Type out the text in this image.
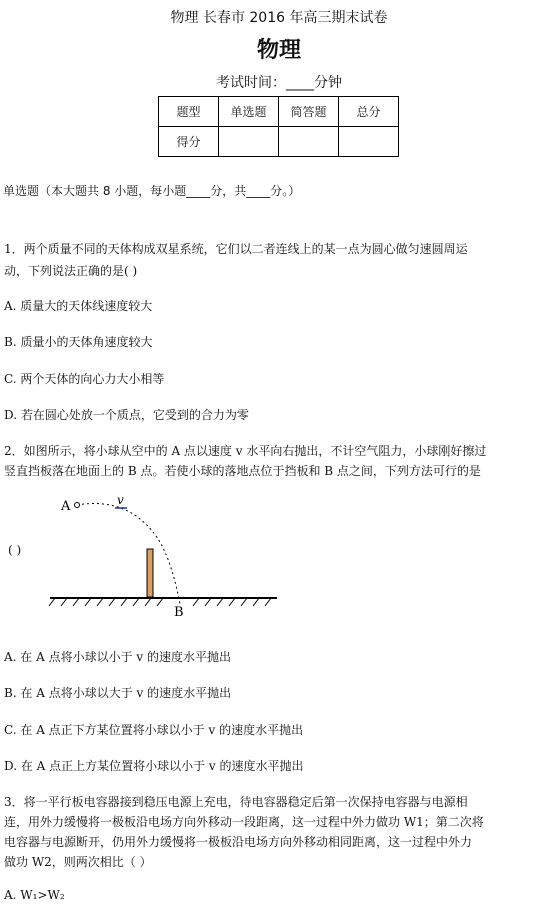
物理 长春市 2016 年高三期末试卷
物理
考试时间：____分钟
题型	单选题	简答题	总分
得分			
单选题（本大题共 8 小题，每小题____分，共____分。）
1．两个质量不同的天体构成双星系统，它们以二者连线上的某一点为圆心做匀速圆周运
动，下列说法正确的是( )
A. 质量大的天体线速度较大
B. 质量小的天体角速度较大
C. 两个天体的向心力大小相等
D. 若在圆心处放一个质点，它受到的合力为零
2．如图所示，将小球从空中的 A 点以速度 v 水平向右抛出，不计空气阻力，小球刚好擦过
竖直挡板落在地面上的 B 点。若使小球的落地点位于挡板和 B 点之间，下列方法可行的是
A	v
B
( )
A. 在 A 点将小球以小于 v 的速度水平抛出
B. 在 A 点将小球以大于 v 的速度水平抛出
C. 在 A 点正下方某位置将小球以小于 v 的速度水平抛出
D. 在 A 点正上方某位置将小球以小于 v 的速度水平抛出
3．将一平行板电容器接到稳压电源上充电，待电容器稳定后第一次保持电容器与电源相
连，用外力缓慢将一极板沿电场方向外移动一段距离，这一过程中外力做功 W1；第二次将
电容器与电源断开，仍用外力缓慢将一极板沿电场方向外移动相同距离，这一过程中外力
做功 W2，则两次相比（ ）
A. W₁>W₂
